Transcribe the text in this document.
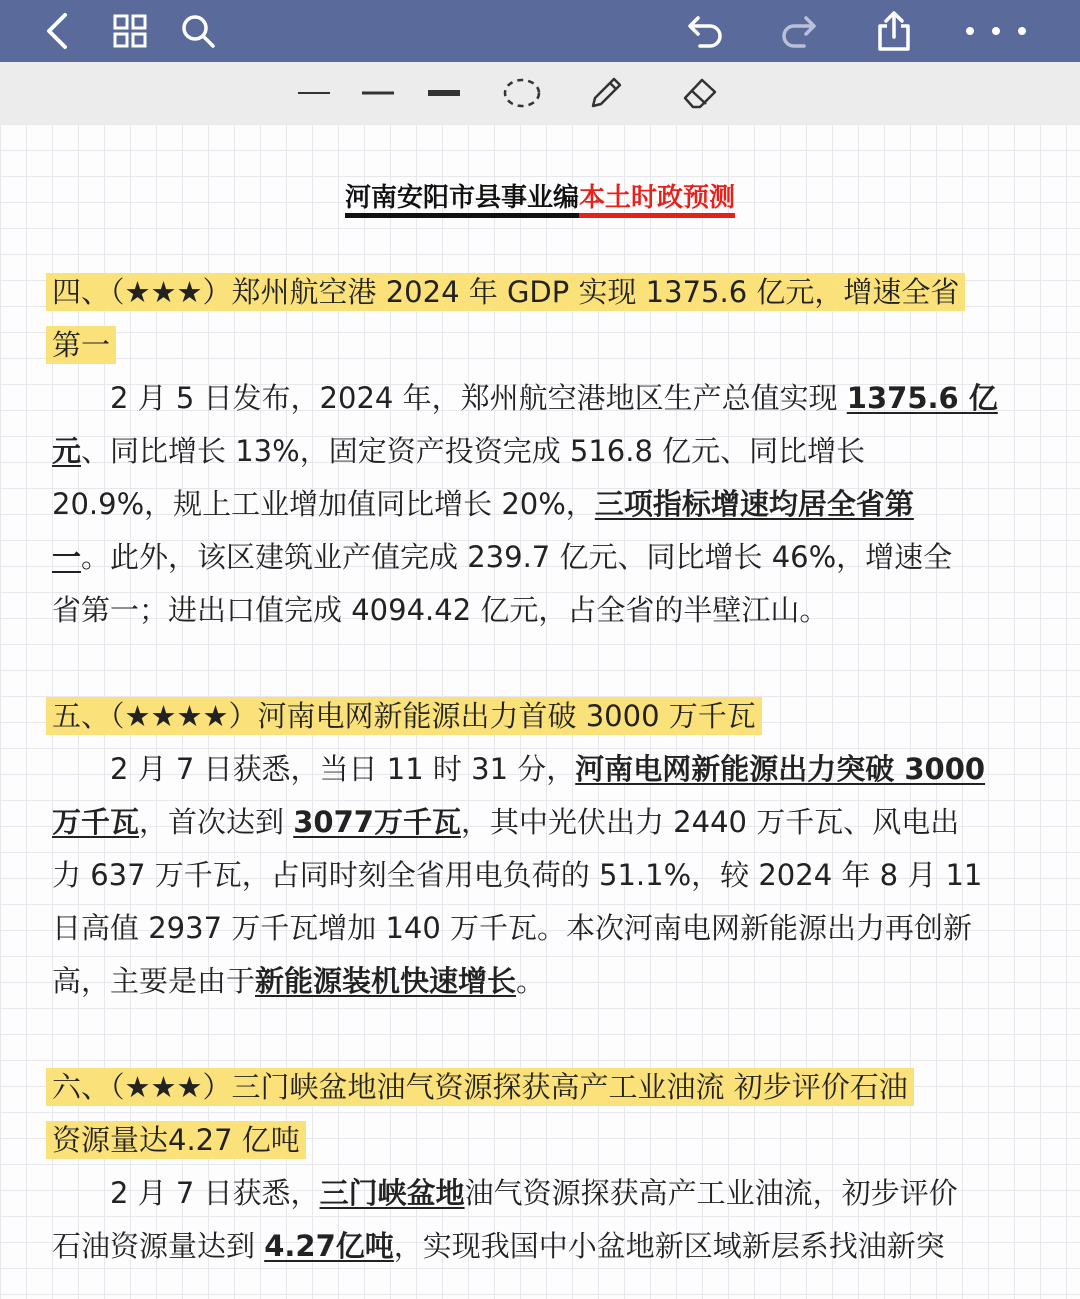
河南安阳市县事业编本土时政预测
四、（★★★）郑州航空港 2024 年 GDP 实现 1375.6 亿元，增速全省
第一
　　2 月 5 日发布，2024 年，郑州航空港地区生产总值实现 1375.6 亿
元、同比增长 13%，固定资产投资完成 516.8 亿元、同比增长
20.9%，规上工业增加值同比增长 20%，三项指标增速均居全省第
一。此外，该区建筑业产值完成 239.7 亿元、同比增长 46%，增速全
省第一；进出口值完成 4094.42 亿元，占全省的半壁江山。
五、（★★★★）河南电网新能源出力首破 3000 万千瓦
　　2 月 7 日获悉，当日 11 时 31 分，河南电网新能源出力突破 3000
万千瓦，首次达到 3077万千瓦，其中光伏出力 2440 万千瓦、风电出
力 637 万千瓦，占同时刻全省用电负荷的 51.1%，较 2024 年 8 月 11
日高值 2937 万千瓦增加 140 万千瓦。本次河南电网新能源出力再创新
高，主要是由于新能源装机快速增长。
六、（★★★）三门峡盆地油气资源探获高产工业油流 初步评价石油
资源量达4.27 亿吨
　　2 月 7 日获悉，三门峡盆地油气资源探获高产工业油流，初步评价
石油资源量达到 4.27亿吨，实现我国中小盆地新区域新层系找油新突
